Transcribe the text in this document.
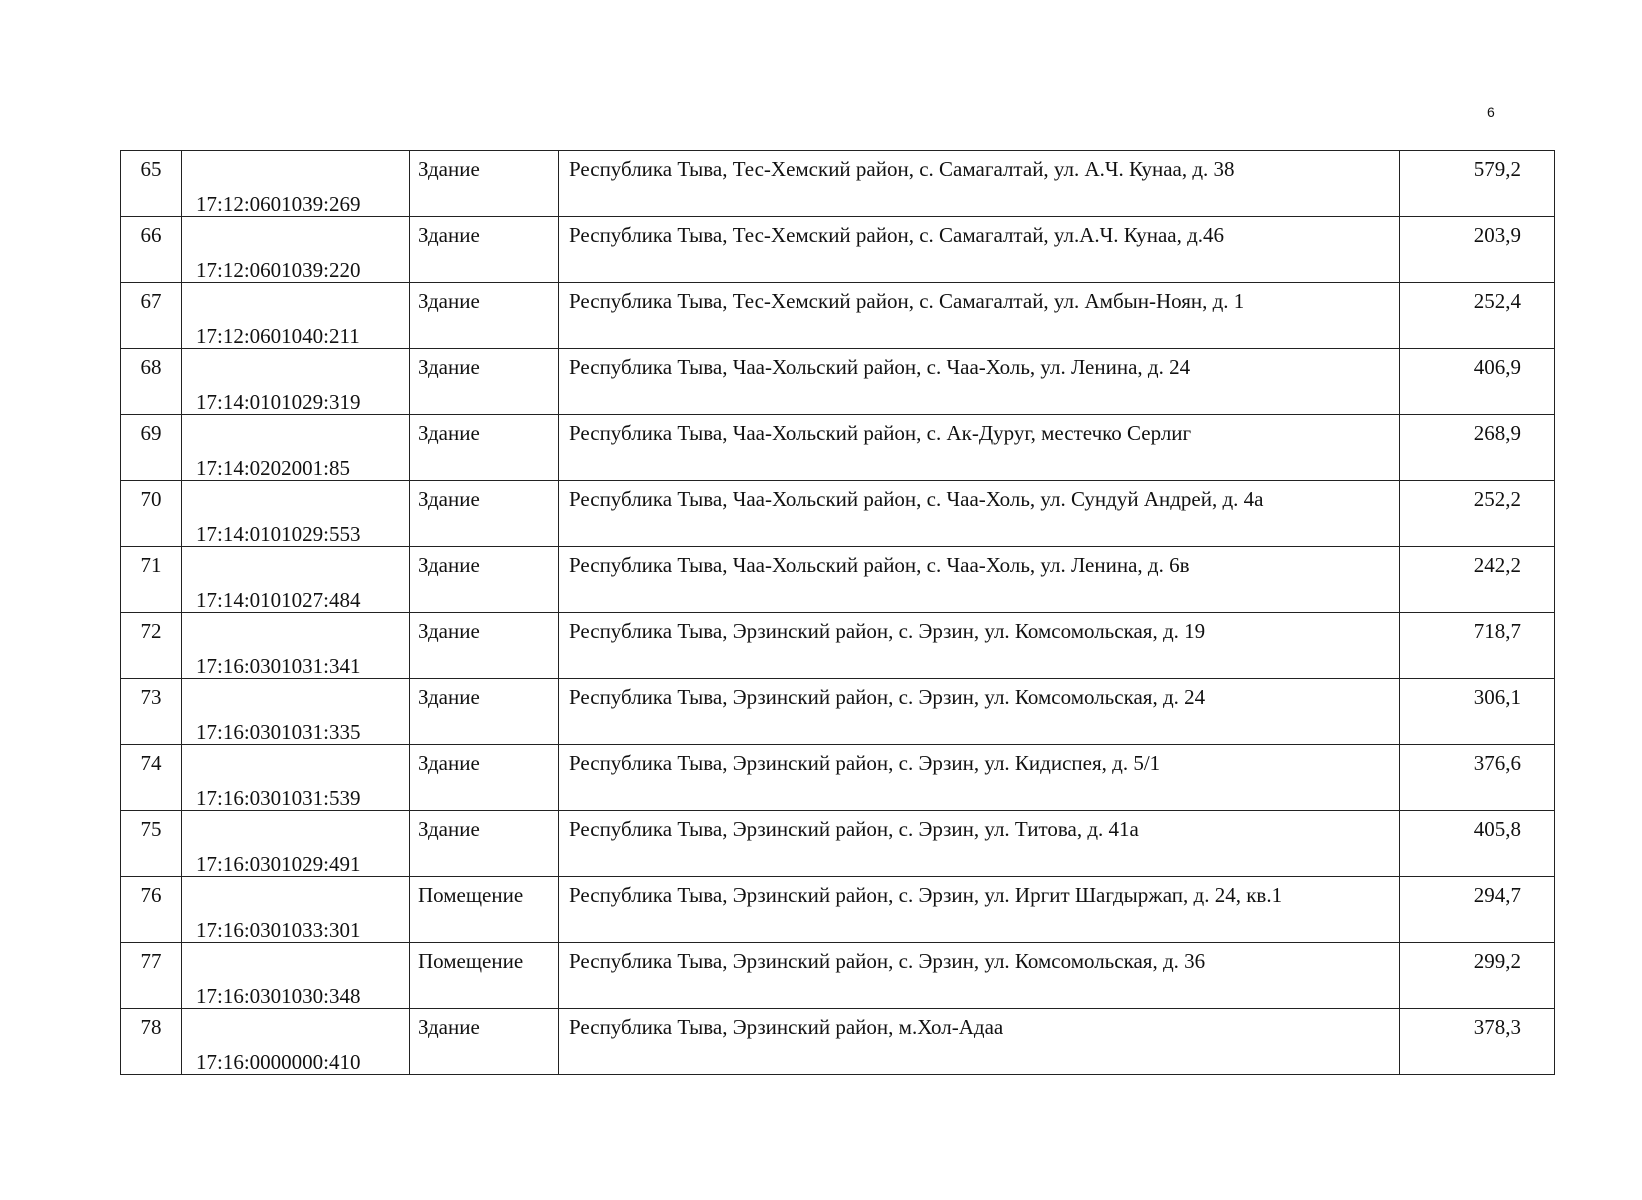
6
65	17:12:0601039:269	Здание	Республика Тыва, Тес-Хемский район, с. Самагалтай, ул. А.Ч. Кунаа, д. 38	579,2
66	17:12:0601039:220	Здание	Республика Тыва, Тес-Хемский район, с. Самагалтай, ул.А.Ч. Кунаа, д.46	203,9
67	17:12:0601040:211	Здание	Республика Тыва, Тес-Хемский район, с. Самагалтай, ул. Амбын-Ноян, д. 1	252,4
68	17:14:0101029:319	Здание	Республика Тыва, Чаа-Хольский район, с. Чаа-Холь, ул. Ленина, д. 24	406,9
69	17:14:0202001:85	Здание	Республика Тыва, Чаа-Хольский район, с. Ак-Дуруг, местечко Серлиг	268,9
70	17:14:0101029:553	Здание	Республика Тыва, Чаа-Хольский район, с. Чаа-Холь, ул. Сундуй Андрей, д. 4а	252,2
71	17:14:0101027:484	Здание	Республика Тыва, Чаа-Хольский район, с. Чаа-Холь, ул. Ленина, д. 6в	242,2
72	17:16:0301031:341	Здание	Республика Тыва, Эрзинский район, с. Эрзин, ул. Комсомольская, д. 19	718,7
73	17:16:0301031:335	Здание	Республика Тыва, Эрзинский район, с. Эрзин, ул. Комсомольская, д. 24	306,1
74	17:16:0301031:539	Здание	Республика Тыва, Эрзинский район, с. Эрзин, ул. Кидиспея, д. 5/1	376,6
75	17:16:0301029:491	Здание	Республика Тыва, Эрзинский район, с. Эрзин, ул. Титова, д. 41а	405,8
76	17:16:0301033:301	Помещение	Республика Тыва, Эрзинский район, с. Эрзин, ул. Иргит Шагдыржап, д. 24, кв.1	294,7
77	17:16:0301030:348	Помещение	Республика Тыва, Эрзинский район, с. Эрзин, ул. Комсомольская, д. 36	299,2
78	17:16:0000000:410	Здание	Республика Тыва, Эрзинский район, м.Хол-Адаа	378,3
